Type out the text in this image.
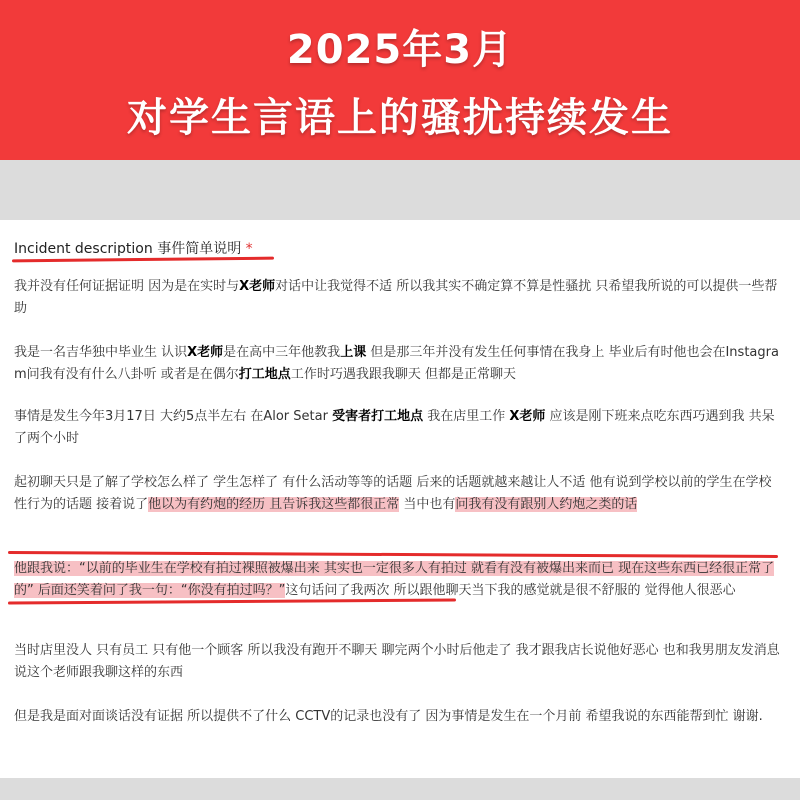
2025年3月
对学生言语上的骚扰持续发生
Incident description 事件简单说明 *
我并没有任何证据证明 因为是在实时与X老师对话中让我觉得不适 所以我其实不确定算不算是性骚扰 只希望我所说的可以提供一些帮助
我是一名吉华独中毕业生 认识X老师是在高中三年他教我上课 但是那三年并没有发生任何事情在我身上 毕业后有时他也会在Instagram问我有没有什么八卦听 或者是在偶尔打工地点工作时巧遇我跟我聊天 但都是正常聊天
事情是发生今年3月17日 大约5点半左右 在Alor Setar 受害者打工地点 我在店里工作 X老师 应该是刚下班来点吃东西巧遇到我 共呆了两个小时
起初聊天只是了解了学校怎么样了 学生怎样了 有什么活动等等的话题 后来的话题就越来越让人不适 他有说到学校以前的学生在学校性行为的话题 接着说了他以为有约炮的经历 且告诉我这些都很正常 当中也有问我有没有跟别人约炮之类的话
他跟我说：“以前的毕业生在学校有拍过裸照被爆出来 其实也一定很多人有拍过 就看有没有被爆出来而已 现在这些东西已经很正常了的” 后面还笑着问了我一句：“你没有拍过吗？”这句话问了我两次 所以跟他聊天当下我的感觉就是很不舒服的 觉得他人很恶心
当时店里没人 只有员工 只有他一个顾客 所以我没有跑开不聊天 聊完两个小时后他走了 我才跟我店长说他好恶心 也和我男朋友发消息说这个老师跟我聊这样的东西
但是我是面对面谈话没有证据 所以提供不了什么 CCTV的记录也没有了 因为事情是发生在一个月前 希望我说的东西能帮到忙 谢谢.
